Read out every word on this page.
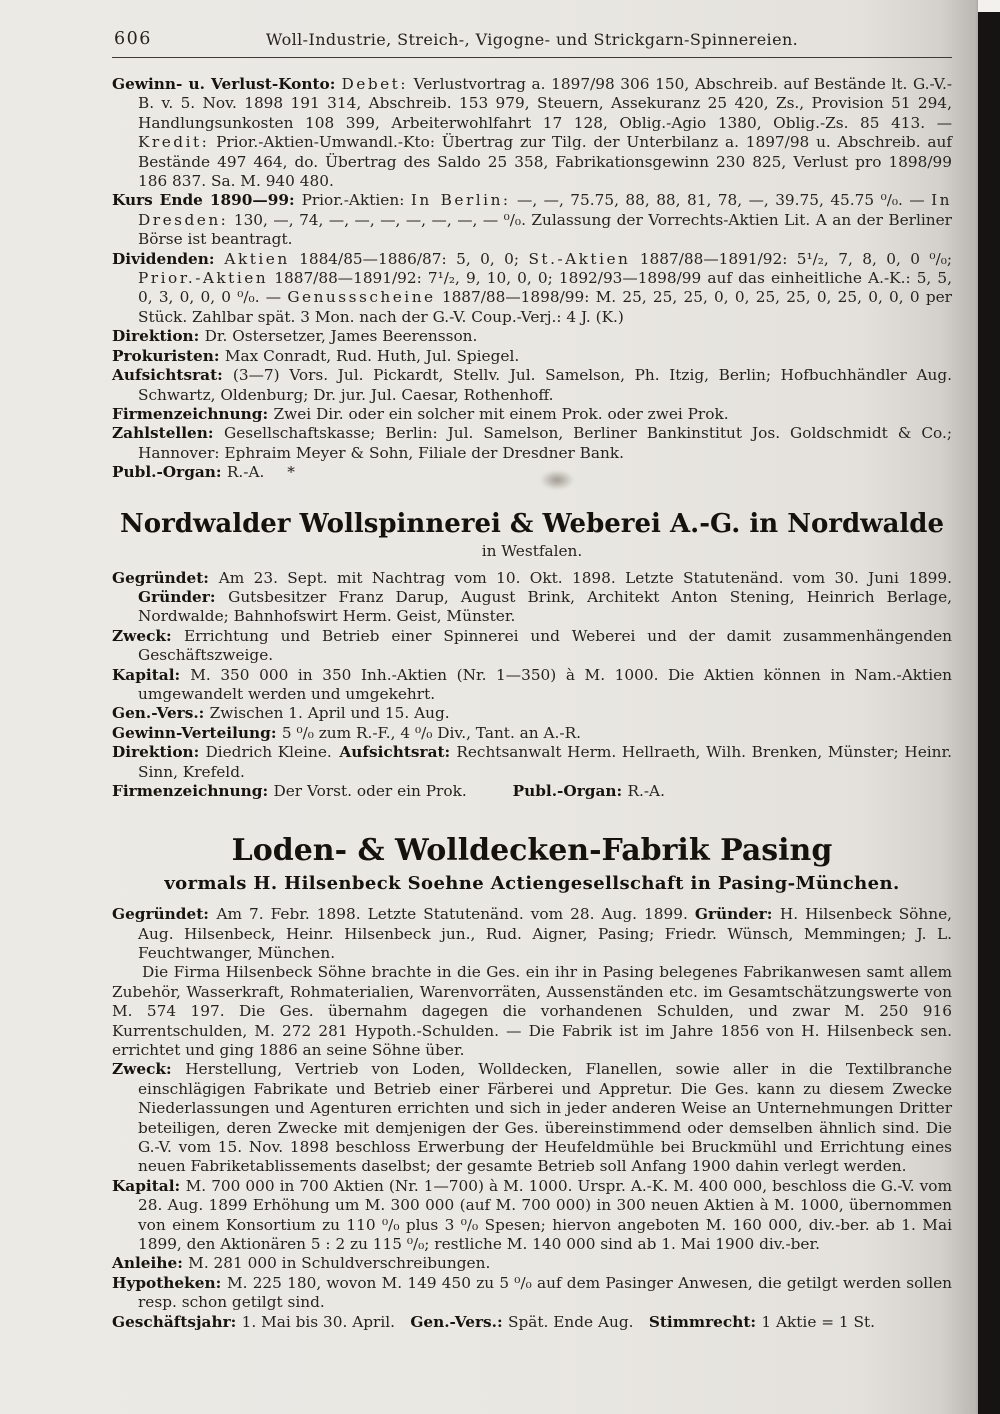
606	Woll-Industrie, Streich-, Vigogne- und Strickgarn-Spinnereien.

Gewinn- u. Verlust-Konto: Debet: Verlustvortrag a. 1897/98 306 150, Abschreib. auf Bestände lt. G.-V.-B. v. 5. Nov. 1898 191 314, Abschreib. 153 979, Steuern, Assekuranz 25 420, Zs., Provision 51 294, Handlungsunkosten 108 399, Arbeiterwohlfahrt 17 128, Oblig.-Agio 1380, Oblig.-Zs. 85 413. — Kredit: Prior.-Aktien-Umwandl.-Kto: Übertrag zur Tilg. der Unterbilanz a. 1897/98 u. Abschreib. auf Bestände 497 464, do. Übertrag des Saldo 25 358, Fabrikationsgewinn 230 825, Verlust pro 1898/99 186 837. Sa. M. 940 480.

Kurs Ende 1890—99: Prior.-Aktien: In Berlin: —, —, 75.75, 88, 88, 81, 78, —, 39.75, 45.75 ⁰/₀. — In Dresden: 130, —, 74, —, —, —, —, —, —, — ⁰/₀. Zulassung der Vorrechts-Aktien Lit. A an der Berliner Börse ist beantragt.

Dividenden: Aktien 1884/85—1886/87: 5, 0, 0; St.-Aktien 1887/88—1891/92: 5¹/₂, 7, 8, 0, 0 ⁰/₀; Prior.-Aktien 1887/88—1891/92: 7¹/₂, 9, 10, 0, 0; 1892/93—1898/99 auf das einheitliche A.-K.: 5, 5, 0, 3, 0, 0, 0 ⁰/₀. — Genussscheine 1887/88—1898/99: M. 25, 25, 25, 0, 0, 25, 25, 0, 25, 0, 0, 0 per Stück. Zahlbar spät. 3 Mon. nach der G.-V. Coup.-Verj.: 4 J. (K.)

Direktion: Dr. Ostersetzer, James Beerensson.

Prokuristen: Max Conradt, Rud. Huth, Jul. Spiegel.

Aufsichtsrat: (3—7) Vors. Jul. Pickardt, Stellv. Jul. Samelson, Ph. Itzig, Berlin; Hofbuchhändler Aug. Schwartz, Oldenburg; Dr. jur. Jul. Caesar, Rothenhoff.

Firmenzeichnung: Zwei Dir. oder ein solcher mit einem Prok. oder zwei Prok.

Zahlstellen: Gesellschaftskasse; Berlin: Jul. Samelson, Berliner Bankinstitut Jos. Goldschmidt & Co.; Hannover: Ephraim Meyer & Sohn, Filiale der Dresdner Bank.

Publ.-Organ: R.-A.  *

Nordwalder Wollspinnerei & Weberei A.-G. in Nordwalde
in Westfalen.

Gegründet: Am 23. Sept. mit Nachtrag vom 10. Okt. 1898. Letzte Statutenänd. vom 30. Juni 1899. Gründer: Gutsbesitzer Franz Darup, August Brink, Architekt Anton Stening, Heinrich Berlage, Nordwalde; Bahnhofswirt Herm. Geist, Münster.

Zweck: Errichtung und Betrieb einer Spinnerei und Weberei und der damit zusammenhängenden Geschäftszweige.

Kapital: M. 350 000 in 350 Inh.-Aktien (Nr. 1—350) à M. 1000. Die Aktien können in Nam.-Aktien umgewandelt werden und umgekehrt.

Gen.-Vers.: Zwischen 1. April und 15. Aug.

Gewinn-Verteilung: 5 ⁰/₀ zum R.-F., 4 ⁰/₀ Div., Tant. an A.-R.

Direktion: Diedrich Kleine. Aufsichtsrat: Rechtsanwalt Herm. Hellraeth, Wilh. Brenken, Münster; Heinr. Sinn, Krefeld.

Firmenzeichnung: Der Vorst. oder ein Prok.   Publ.-Organ: R.-A.

Loden- & Wolldecken-Fabrik Pasing
vormals H. Hilsenbeck Soehne Actiengesellschaft in Pasing-München.

Gegründet: Am 7. Febr. 1898. Letzte Statutenänd. vom 28. Aug. 1899. Gründer: H. Hilsenbeck Söhne, Aug. Hilsenbeck, Heinr. Hilsenbeck jun., Rud. Aigner, Pasing; Friedr. Wünsch, Memmingen; J. L. Feuchtwanger, München.

Die Firma Hilsenbeck Söhne brachte in die Ges. ein ihr in Pasing belegenes Fabrikanwesen samt allem Zubehör, Wasserkraft, Rohmaterialien, Warenvorräten, Aussenständen etc. im Gesamtschätzungswerte von M. 574 197. Die Ges. übernahm dagegen die vorhandenen Schulden, und zwar M. 250 916 Kurrentschulden, M. 272 281 Hypoth.-Schulden. — Die Fabrik ist im Jahre 1856 von H. Hilsenbeck sen. errichtet und ging 1886 an seine Söhne über.

Zweck: Herstellung, Vertrieb von Loden, Wolldecken, Flanellen, sowie aller in die Textilbranche einschlägigen Fabrikate und Betrieb einer Färberei und Appretur. Die Ges. kann zu diesem Zwecke Niederlassungen und Agenturen errichten und sich in jeder anderen Weise an Unternehmungen Dritter beteiligen, deren Zwecke mit demjenigen der Ges. übereinstimmend oder demselben ähnlich sind. Die G.-V. vom 15. Nov. 1898 beschloss Erwerbung der Heufeldmühle bei Bruckmühl und Errichtung eines neuen Fabriketablissements daselbst; der gesamte Betrieb soll Anfang 1900 dahin verlegt werden.

Kapital: M. 700 000 in 700 Aktien (Nr. 1—700) à M. 1000. Urspr. A.-K. M. 400 000, beschloss die G.-V. vom 28. Aug. 1899 Erhöhung um M. 300 000 (auf M. 700 000) in 300 neuen Aktien à M. 1000, übernommen von einem Konsortium zu 110 ⁰/₀ plus 3 ⁰/₀ Spesen; hiervon angeboten M. 160 000, div.-ber. ab 1. Mai 1899, den Aktionären 5 : 2 zu 115 ⁰/₀; restliche M. 140 000 sind ab 1. Mai 1900 div.-ber.

Anleihe: M. 281 000 in Schuldverschreibungen.

Hypotheken: M. 225 180, wovon M. 149 450 zu 5 ⁰/₀ auf dem Pasinger Anwesen, die getilgt werden sollen resp. schon getilgt sind.

Geschäftsjahr: 1. Mai bis 30. April. Gen.-Vers.: Spät. Ende Aug. Stimmrecht: 1 Aktie = 1 St.
